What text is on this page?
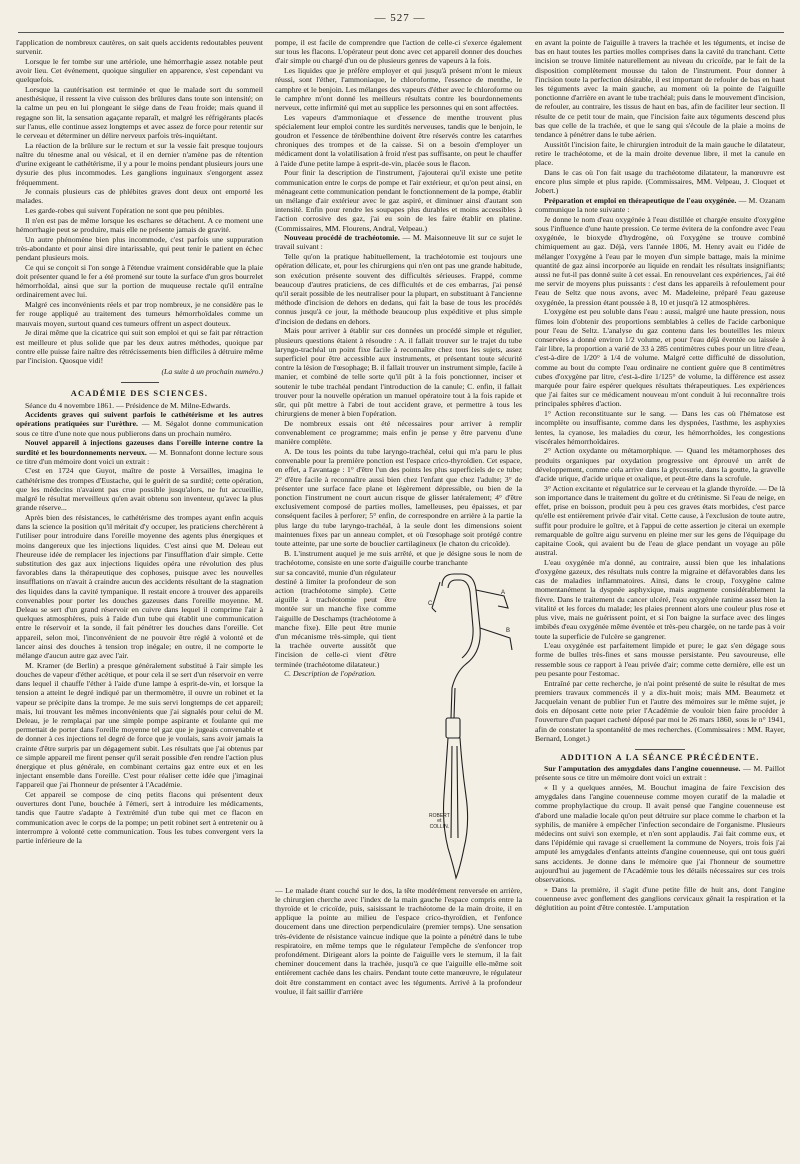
— 527 —

l'application de nombreux cautères, on sait quels accidents redoutables peuvent survenir.

Lorsque le fer tombe sur une artériole, une hémorrhagie assez notable peut avoir lieu. Cet événement, quoique singulier en apparence, s'est cependant vu quelquefois.

Lorsque la cautérisation est terminée et que le malade sort du sommeil anesthésique, il ressent la vive cuisson des brûlures dans toute son intensité; on la calme un peu en lui plongeant le siège dans de l'eau froide; mais quand il regagne son lit, la sensation agaçante reparaît, et malgré les réfrigérants placés sur l'anus, elle continue assez longtemps et avec assez de force pour retentir sur le cerveau et déterminer un délire nerveux parfois très-inquiétant.

La réaction de la brûlure sur le rectum et sur la vessie fait presque toujours naître du ténesme anal ou vésical, et il en dernier n'amène pas de rétention d'urine exigeant le cathétérisme, il y a pour le moins pendant plusieurs jours une dysurie des plus incommodes. Les ganglions inguinaux s'engorgent assez fréquemment.

Je connais plusieurs cas de phlébites graves dont deux ont emporté les malades.

Les garde-robes qui suivent l'opération ne sont que peu pénibles.

Il n'en est pas de même lorsque les eschares se détachent. A ce moment une hémorrhagie peut se produire, mais elle ne présente jamais de gravité.

Un autre phénomène bien plus incommode, c'est parfois une suppuration très-abondante et pour ainsi dire intarissable, qui peut tenir le patient en échec pendant plusieurs mois.

Ce qui se conçoit si l'on songe à l'étendue vraiment considérable que la plaie doit présenter quand le fer a été promené sur toute la surface d'un gros bourrelet hémorrhoïdal, ainsi que sur la portion de muqueuse rectale qu'il entraîne ordinairement avec lui.

Malgré ces inconvénients réels et par trop nombreux, je ne considère pas le fer rouge appliqué au traitement des tumeurs hémorrhoïdales comme un mauvais moyen, surtout quand ces tumeurs offrent un aspect douteux.

Je dirai même que la cicatrice qui suit son emploi et qui se fait par rétraction est meilleure et plus solide que par les deux autres méthodes, quoique par contre elle puisse faire naître des rétrécissements bien difficiles à détruire même par l'incision. Quosque vidi!

(La suite à un prochain numéro.)
ACADÉMIE DES SCIENCES.

Séance du 4 novembre 1861. — Présidence de M. Milne-Edwards.

Accidents graves qui suivent parfois le cathétérisme et les autres opérations pratiquées sur l'urèthre. — M. Ségalot donne communication sous ce titre d'une note que nous publierons dans un prochain numéro.

Nouvel appareil à injections gazeuses dans l'oreille interne contre la surdité et les bourdonnements nerveux. — M. Bonnafont donne lecture sous ce titre d'un mémoire dont voici un extrait :

C'est en 1724 que Guyot, maître de poste à Versailles, imagina le cathétérisme des trompes d'Eustache, qui le guérit de sa surdité; cette opération, que les médecins n'avaient pas crue possible jusqu'alors, ne fut accueillie, malgré le résultat merveilleux qu'en avait obtenu son inventeur, qu'avec la plus grande réserve...

Après bien des résistances, le cathétérisme des trompes ayant enfin acquis dans la science la position qu'il méritait d'y occuper, les praticiens cherchèrent à l'utiliser pour introduire dans l'oreille moyenne des agents plus énergiques et moins dangereux que les injections liquides. C'est ainsi que M. Deleau eut l'heureuse idée de remplacer les injections par l'insufflation d'air simple. Cette substitution des gaz aux injections liquides opéra une révolution des plus favorables dans la thérapeutique des cophoses, puisque avec les nouvelles insufflations on n'avait à craindre aucun des accidents résultant de la stagnation des liquides dans la cavité tympanique. Il restait encore à trouver des appareils convenables pour porter les douches gazeuses dans l'oreille moyenne. M. Deleau se sert d'un grand réservoir en cuivre dans lequel il comprime l'air à quelques atmosphères, puis à l'aide d'un tube qui établit une communication entre le réservoir et la sonde, il fait pénétrer les douches dans l'oreille. Cet appareil, selon moi, l'inconvénient de ne pouvoir être réglé à volonté et de lancer ainsi des douches à tension trop inégale; en outre, il ne comporte le mélange d'aucun autre gaz avec l'air.

M. Kramer (de Berlin) a presque généralement substitué à l'air simple les douches de vapeur d'éther acétique, et pour cela il se sert d'un réservoir en verre dans lequel il chauffe l'éther à l'aide d'une lampe à esprit-de-vin, et lorsque la tension a atteint le degré indiqué par un thermomètre, il ouvre un robinet et la vapeur se précipite dans la trompe. Je me suis servi longtemps de cet appareil; mais, lui trouvant les mêmes inconvénients que j'ai signalés pour celui de M. Deleau, je le remplaçai par une simple pompe aspirante et foulante qui me permettait de porter dans l'oreille moyenne tel gaz que je jugeais convenable et de donner à ces injections tel degré de force que je voulais, sans avoir jamais la crainte d'être surpris par un dégagement subit. Les résultats que j'ai obtenus par ce simple appareil me firent penser qu'il serait possible d'en rendre l'action plus énergique et plus générale, en combinant certains gaz entre eux et en les injectant ensemble dans l'oreille. C'est pour réaliser cette idée que j'imaginai l'appareil que j'ai l'honneur de présenter à l'Académie.

Cet appareil se compose de cinq petits flacons qui présentent deux ouvertures dont l'une, bouchée à l'émeri, sert à introduire les médicaments, tandis que l'autre s'adapte à l'extrémité d'un tube qui met ce flacon en communication avec le corps de la pompe; un petit robinet sert à entretenir ou à interrompre à volonté cette communication. Tous les tubes convergent vers la partie inférieure de la

pompe, il est facile de comprendre que l'action de celle-ci s'exerce également sur tous les flacons. L'opérateur peut donc avec cet appareil donner des douches d'air simple ou chargé d'un ou de plusieurs genres de vapeurs à la fois.

Les liquides que je préfère employer et qui jusqu'à présent m'ont le mieux réussi, sont l'éther, l'ammoniaque, le chloroforme, l'essence de menthe, le camphre et le benjoin. Les mélanges des vapeurs d'éther avec le chloroforme ou le camphre m'ont donné les meilleurs résultats contre les bourdonnements nerveux, cette infirmité qui met au supplice les personnes qui en sont affectées.

Les vapeurs d'ammoniaque et d'essence de menthe trouvent plus spécialement leur emploi contre les surdités nerveuses, tandis que le benjoin, le goudron et l'essence de térébenthine doivent être réservés contre les catarrhes chroniques des trompes et de la caisse. Si on a besoin d'employer un médicament dont la volatilisation à froid n'est pas suffisante, on peut le chauffer à l'aide d'une petite lampe à esprit-de-vin, placée sous le flacon.

Pour finir la description de l'instrument, j'ajouterai qu'il existe une petite communication entre le corps de pompe et l'air extérieur, et qu'on peut ainsi, en ménageant cette communication pendant le fonctionnement de la pompe, établir un mélange d'air extérieur avec le gaz aspiré, et diminuer ainsi d'autant son intensité. Enfin pour rendre les soupapes plus durables et moins accessibles à l'action corrosive des gaz, j'ai eu soin de les faire établir en platine. (Commissaires, MM. Flourens, Andral, Velpeau.)

Nouveau procédé de trachéotomie. — M. Maisonneuve lit sur ce sujet le travail suivant :

Telle qu'on la pratique habituellement, la trachéotomie est toujours une opération délicate, et, pour les chirurgiens qui n'en ont pas une grande habitude, son exécution présente souvent des difficultés sérieuses. Frappé, comme beaucoup d'autres praticiens, de ces difficultés et de ces embarras, j'ai pensé qu'il serait possible de les neutraliser pour la plupart, en substituant à l'ancienne méthode d'incision de dehors en dedans, qui fait la base de tous les procédés connus jusqu'à ce jour, la méthode beaucoup plus expéditive et plus simple d'incision de dedans en dehors.

Mais pour arriver à établir sur ces données un procédé simple et régulier, plusieurs questions étaient à résoudre : A. il fallait trouver sur le trajet du tube laryngo-trachéal un point fixe facile à reconnaître chez tous les sujets, assez superficiel pour être accessible aux instruments, et présentant toute sécurité contre la lésion de l'œsophage; B. il fallait trouver un instrument simple, facile à manier, et combiné de telle sorte qu'il pût à la fois ponctionner, inciser et soutenir le tube trachéal pendant l'introduction de la canule; C. enfin, il fallait trouver pour la nouvelle opération un manuel opératoire tout à la fois rapide et sûr, qui pût mettre à l'abri de tout accident grave, et permettre à tous les chirurgiens de mener à bien l'opération.

De nombreux essais ont été nécessaires pour arriver à remplir convenablement ce programme; mais enfin je pense y être parvenu d'une manière complète.

A. De tous les points du tube laryngo-trachéal, celui qui m'a paru le plus convenable pour la première ponction est l'espace crico-thyroïdien. Cet espace, en effet, a l'avantage : 1° d'être l'un des points les plus superficiels de ce tube; 2° d'être facile à reconnaître aussi bien chez l'enfant que chez l'adulte; 3° de présenter une surface face plane et légèrement dépressible, ou bien de la ponction l'instrument ne court aucun risque de glisser latéralement; 4° d'être exclusivement composé de parties molles, lamelleuses, peu épaisses, et par conséquent faciles à perforer; 5° enfin, de correspondre en arrière à la partie la plus large du tube laryngo-trachéal, à la seule dont les dimensions soient maintenues fixes par un anneau complet, et où l'œsophage soit protégé contre toute atteinte, par une sorte de bouclier cartilagineux (le chaton du cricoïde).

B. L'instrument auquel je me suis arrêté, et que je désigne sous le nom de trachéotome, consiste en une sorte d'aiguille courbe tranchante

sur sa concavité, munie d'un régulateur destiné à limiter la profondeur de son action (trachéotome simple). Cette aiguille à trachéotomie peut être montée sur un manche fixe comme l'aiguille de Deschamps (trachéotome à manche fixe). Elle peut être munie d'un mécanisme très-simple, qui tient la trachée ouverte aussitôt que l'incision de celle-ci vient d'être terminée (trachéotome dilatateur.)

C. Description de l'opération.

A
B
C
ROBERT
et
COLLIN.

— Le malade étant couché sur le dos, la tête modérément renversée en arrière, le chirurgien cherche avec l'index de la main gauche l'espace compris entre la thyroïde et le cricoïde, puis, saisissant le trachéotome de la main droite, il en applique la pointe au milieu de l'espace crico-thyroïdien, et l'enfonce doucement dans une direction perpendiculaire (premier temps). Une sensation très-évidente de résistance vaincue indique que la pointe a pénétré dans le tube respiratoire, en même temps que le régulateur l'empêche de s'enfoncer trop profondément. Dirigeant alors la pointe de l'aiguille vers le sternum, il la fait cheminer doucement dans la trachée, jusqu'à ce que l'aiguille elle-même soit entièrement cachée dans les chairs. Pendant toute cette manœuvre, le régulateur doit être constamment en contact avec les téguments. Arrivé à la profondeur voulue, il fait saillir d'arrière

en avant la pointe de l'aiguille à travers la trachée et les téguments, et incise de bas en haut toutes les parties molles comprises dans la cavité du tranchant. Cette incision se trouve limitée naturellement au niveau du cricoïde, par le fait de la disposition complètement mousse du talon de l'instrument. Pour donner à l'incision toute la perfection désirable, il est important de refouler de bas en haut les téguments avec la main gauche, au moment où la pointe de l'aiguille ponctionne d'arrière en avant le tube trachéal; puis dans le mouvement d'incision, de refouler, au contraire, les tissus de haut en bas, afin de faciliter leur section. Il résulte de ce petit tour de main, que l'incision faite aux téguments descend plus bas que celle de la trachée, et que le sang qui s'écoule de la plaie a moins de tendance à pénétrer dans le tube aérien.

Aussitôt l'incision faite, le chirurgien introduit de la main gauche le dilatateur, retire le trachéotome, et de la main droite devenue libre, il met la canule en place.

Dans le cas où l'on fait usage du trachéotome dilatateur, la manœuvre est encore plus simple et plus rapide. (Commissaires, MM. Velpeau, J. Cloquet et Jobert.)

Préparation et emploi en thérapeutique de l'eau oxygénée. — M. Ozanam communique la note suivante :

Je donne le nom d'eau oxygénée à l'eau distillée et chargée ensuite d'oxygène sous l'influence d'une haute pression. Ce terme évitera de la confondre avec l'eau oxygénée, le bioxyde d'hydrogène, où l'oxygène se trouve combiné chimiquement au gaz. Déjà, vers l'année 1806, M. Henry avait eu l'idée de mélanger l'oxygène à l'eau par le moyen d'un simple battage, mais la minime quantité de gaz ainsi incorporée au liquide en rendait les résultats insignifiants; aussi ne fut-il pas donné suite à cet essai. En renouvelant ces expériences, j'ai été me servir de moyens plus puissants : c'est dans les appareils à refoulement pour l'eau de Seltz que nous avons, avec M. Madeleine, préparé l'eau gazeuse oxygénée, la pression étant poussée à 8, 10 et jusqu'à 12 atmosphères.

L'oxygène est peu soluble dans l'eau : aussi, malgré une haute pression, nous fûmes loin d'obtenir des proportions semblables à celles de l'acide carbonique pour l'eau de Seltz. L'analyse du gaz contenu dans les bouteilles les mieux conservées a donné environ 1/2 volume, et pour l'eau déjà éventée ou laissée à l'air libre, la proportion a varié de 33 à 285 centimètres cubes pour un litre d'eau, c'est-à-dire de 1/20° à 1/4 de volume. Malgré cette difficulté de dissolution, comme au bout du compte l'eau ordinaire ne contient guère que 8 centimètres cubes d'oxygène par litre, c'est-à-dire 1/125° de volume, la différence est assez marquée pour faire espérer quelques résultats thérapeutiques. Les expériences que j'ai faites sur ce médicament nouveau m'ont conduit à lui reconnaître trois principales sphères d'action.

1° Action reconstituante sur le sang. — Dans les cas où l'hématose est incomplète ou insuffisante, comme dans les dyspnées, l'asthme, les asphyxies lentes, la cyanose, les maladies du cœur, les hémorrhoïdes, les congestions viscérales hémorrhoïdaires.

2° Action oxydante ou métamorphique. — Quand les métamorphoses des produits organiques par oxydation progressive ont éprouvé un arrêt de développement, comme cela arrive dans la glycosurie, dans la goutte, la gravelle d'acide urique, d'acide urique et oxalique, et peut-être dans la scrofule.

3° Action excitante et régulatrice sur le cerveau et la glande thyroïde. — De là son importance dans le traitement du goître et du crétinisme. Si l'eau de neige, en effet, prise en boisson, produit peu à peu ces graves états morbides, c'est parce qu'elle est entièrement privée d'air vital. Cette cause, à l'exclusion de toute autre, suffit pour produire le goître, et à l'appui de cette assertion je citerai un exemple remarquable de goître aigu survenu en pleine mer sur les gens de l'équipage du capitaine Cook, qui avaient bu de l'eau de glace pendant un voyage au pôle austral.

L'eau oxygénée m'a donné, au contraire, aussi bien que les inhalations d'oxygène gazeux, des résultats nuls contre la migraine et défavorables dans les cas de maladies inflammatoires. Ainsi, dans le croup, l'oxygène calme momentanément la dyspnée asphyxique, mais augmente considérablement la fièvre. Dans le traitement du cancer ulcéré, l'eau oxygénée ranime assez bien la vitalité et les forces du malade; les plaies prennent alors une couleur plus rose et plus vive, mais ne guérissent point, et si l'on baigne la surface avec des linges imbibés d'eau oxygénée même éventée et très-peu chargée, on ne tarde pas à voir toute la superficie de l'ulcère se gangrener.

L'eau oxygénée est parfaitement limpide et pure; le gaz s'en dégage sous forme de bulles très-fines et sans mousse persistante. Peu savoureuse, elle ressemble sous ce rapport à l'eau privée d'air; comme cette dernière, elle est un peu pesante pour l'estomac.

Entraîné par cette recherche, je n'ai point présenté de suite le résultat de mes premiers travaux commencés il y a dix-huit mois; mais MM. Beaumetz et Jacquelain venant de publier l'un et l'autre des mémoires sur le même sujet, je dois en déposant cette note prier l'Académie de vouloir bien faire procéder à l'ouverture d'un paquet cacheté déposé par moi le 26 mars 1860, sous le n° 1941, afin de constater la spontanéité de mes recherches. (Commissaires : MM. Rayer, Bernard, Longet.)

ADDITION A LA SÉANCE PRÉCÉDENTE.

Sur l'amputation des amygdales dans l'angine couenneuse. — M. Paillot présente sous ce titre un mémoire dont voici un extrait :

« Il y a quelques années, M. Bouchut imagina de faire l'excision des amygdales dans l'angine couenneuse comme moyen curatif de la maladie et comme prophylactique du croup. Il avait pensé que l'angine couenneuse est d'abord une maladie locale qu'on peut détruire sur place comme le charbon et la syphilis, de manière à empêcher l'infection secondaire de l'organisme. Plusieurs médecins ont suivi son exemple, et n'en sont applaudis. J'ai fait comme eux, et dans l'épidémie qui ravage si cruellement la commune de Noyers, trois fois j'ai amputé les amygdales d'enfants atteints d'angine couenneuse, qui ont tous guéri sans accidents. Je donne dans le mémoire que j'ai l'honneur de soumettre aujourd'hui au jugement de l'Académie tous les détails nécessaires sur ces trois observations.

» Dans la première, il s'agit d'une petite fille de huit ans, dont l'angine couenneuse avec gonflement des ganglions cervicaux gênait la respiration et la déglutition au point d'être contestée. L'amputation
